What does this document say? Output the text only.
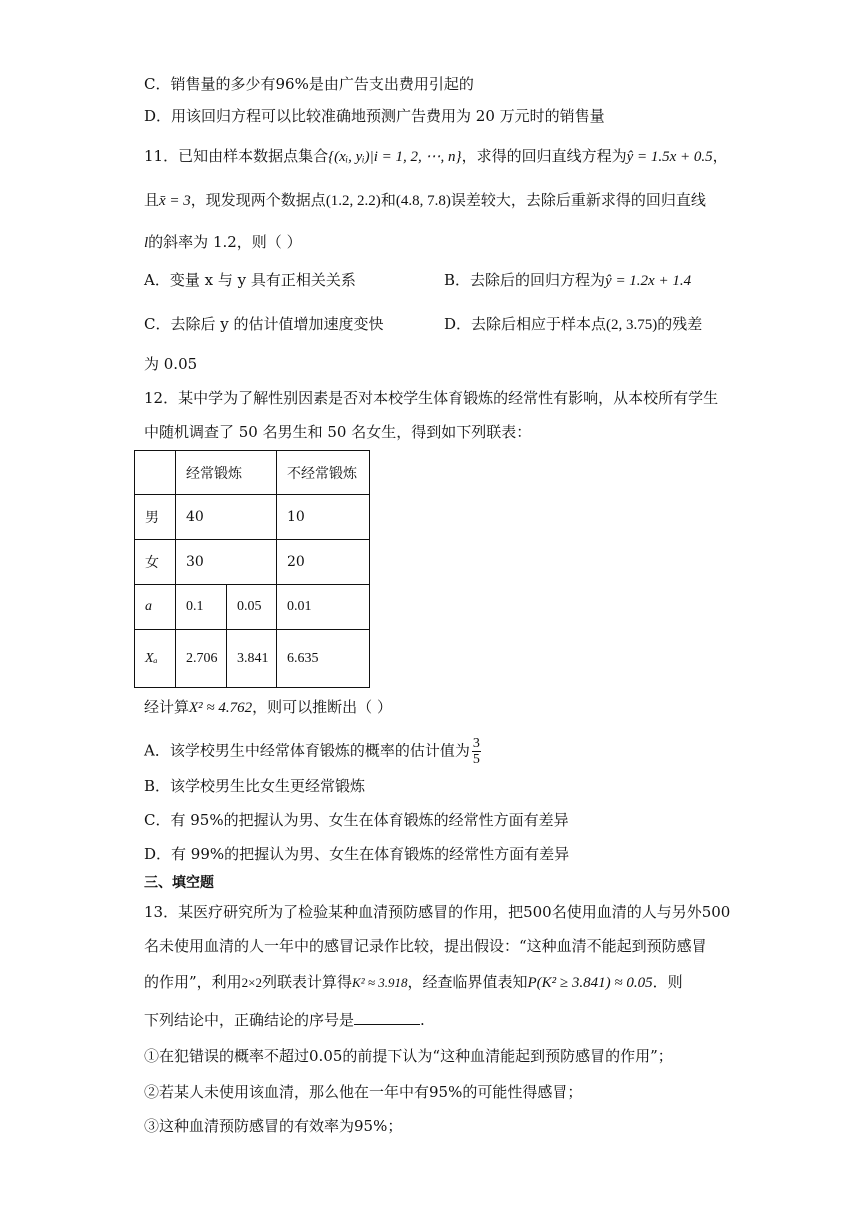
C．销售量的多少有96%是由广告支出费用引起的
D．用该回归方程可以比较准确地预测广告费用为 20 万元时的销售量
11．已知由样本数据点集合{(xᵢ, yᵢ)|i = 1, 2, ⋯, n}，求得的回归直线方程为ŷ = 1.5x + 0.5，
且x̄ = 3，现发现两个数据点(1.2, 2.2)和(4.8, 7.8)误差较大，去除后重新求得的回归直线
l的斜率为 1.2，则（ ）
A．变量 x 与 y 具有正相关关系	B．去除后的回归方程为ŷ = 1.2x + 1.4
C．去除后 y 的估计值增加速度变快	D．去除后相应于样本点(2, 3.75)的残差
为 0.05
12．某中学为了解性别因素是否对本校学生体育锻炼的经常性有影响，从本校所有学生
中随机调查了 50 名男生和 50 名女生，得到如下列联表：
	经常锻炼		不经常锻炼
男	40		10
女	30		20
a	0.1	0.05	0.01
Xₐ	2.706	3.841	6.635
经计算X² ≈ 4.762，则可以推断出（ ）
A．该学校男生中经常体育锻炼的概率的估计值为 $\frac{3}{5}$
B．该学校男生比女生更经常锻炼
C．有 95%的把握认为男、女生在体育锻炼的经常性方面有差异
D．有 99%的把握认为男、女生在体育锻炼的经常性方面有差异
三、填空题
13．某医疗研究所为了检验某种血清预防感冒的作用，把500名使用血清的人与另外500
名未使用血清的人一年中的感冒记录作比较，提出假设：“这种血清不能起到预防感冒
的作用”，利用2×2列联表计算得K² ≈ 3.918，经查临界值表知P(K² ≥ 3.841) ≈ 0.05．则
下列结论中，正确结论的序号是	.
①在犯错误的概率不超过0.05的前提下认为“这种血清能起到预防感冒的作用”；
②若某人未使用该血清，那么他在一年中有95%的可能性得感冒；
③这种血清预防感冒的有效率为95%；
